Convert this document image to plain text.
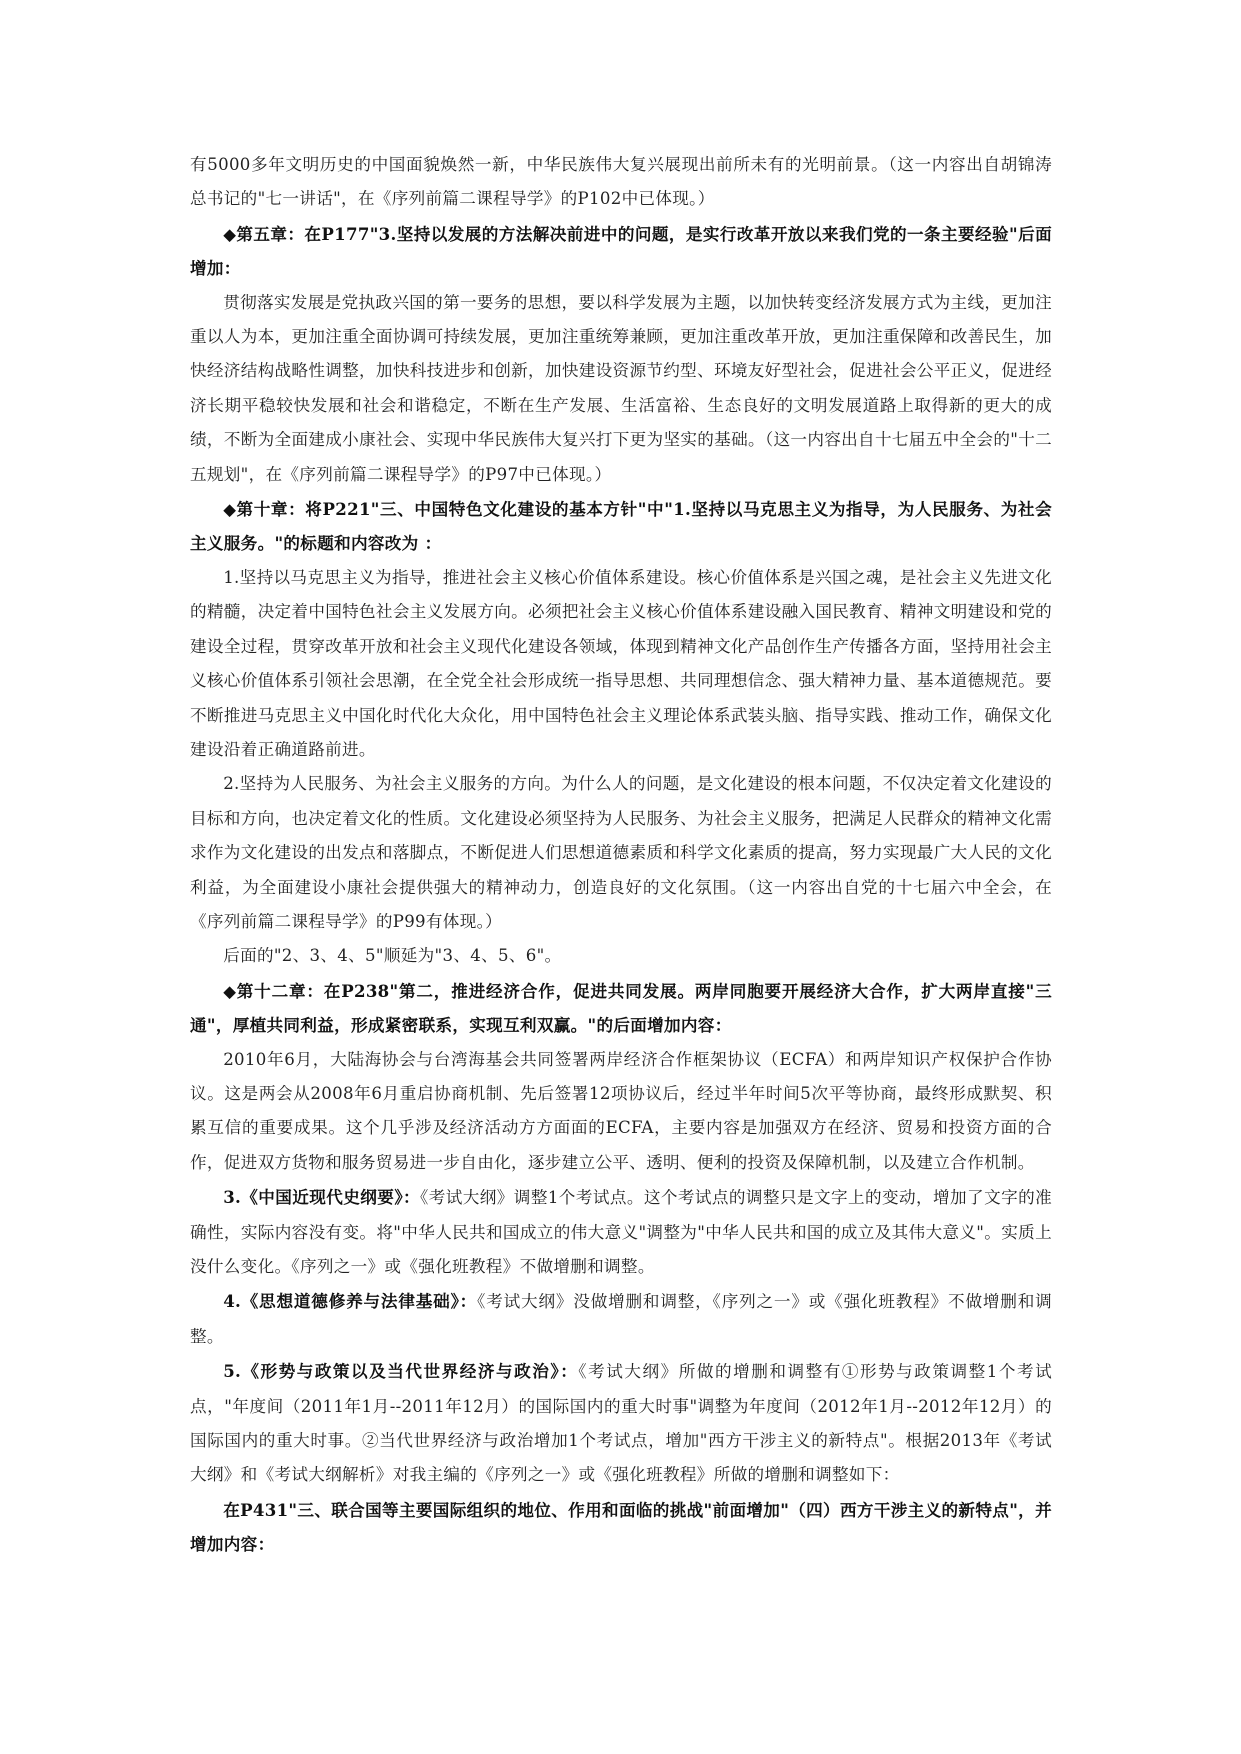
有5000多年文明历史的中国面貌焕然一新，中华民族伟大复兴展现出前所未有的光明前景。（这一内容出自胡锦涛总书记的"七一讲话"，在《序列前篇二课程导学》的P102中已体现。）

◆第五章：在P177"3.坚持以发展的方法解决前进中的问题，是实行改革开放以来我们党的一条主要经验"后面增加：

贯彻落实发展是党执政兴国的第一要务的思想，要以科学发展为主题，以加快转变经济发展方式为主线，更加注重以人为本，更加注重全面协调可持续发展，更加注重统筹兼顾，更加注重改革开放，更加注重保障和改善民生，加快经济结构战略性调整，加快科技进步和创新，加快建设资源节约型、环境友好型社会，促进社会公平正义，促进经济长期平稳较快发展和社会和谐稳定，不断在生产发展、生活富裕、生态良好的文明发展道路上取得新的更大的成绩，不断为全面建成小康社会、实现中华民族伟大复兴打下更为坚实的基础。（这一内容出自十七届五中全会的"十二五规划"，在《序列前篇二课程导学》的P97中已体现。）

◆第十章：将P221"三、中国特色文化建设的基本方针"中"1.坚持以马克思主义为指导，为人民服务、为社会主义服务。"的标题和内容改为 ：

1.坚持以马克思主义为指导，推进社会主义核心价值体系建设。核心价值体系是兴国之魂，是社会主义先进文化的精髓，决定着中国特色社会主义发展方向。必须把社会主义核心价值体系建设融入国民教育、精神文明建设和党的建设全过程，贯穿改革开放和社会主义现代化建设各领域，体现到精神文化产品创作生产传播各方面，坚持用社会主义核心价值体系引领社会思潮，在全党全社会形成统一指导思想、共同理想信念、强大精神力量、基本道德规范。要不断推进马克思主义中国化时代化大众化，用中国特色社会主义理论体系武装头脑、指导实践、推动工作，确保文化建设沿着正确道路前进。

2.坚持为人民服务、为社会主义服务的方向。为什么人的问题，是文化建设的根本问题，不仅决定着文化建设的目标和方向，也决定着文化的性质。文化建设必须坚持为人民服务、为社会主义服务，把满足人民群众的精神文化需求作为文化建设的出发点和落脚点，不断促进人们思想道德素质和科学文化素质的提高，努力实现最广大人民的文化利益，为全面建设小康社会提供强大的精神动力，创造良好的文化氛围。（这一内容出自党的十七届六中全会，在《序列前篇二课程导学》的P99有体现。）

后面的"2、3、4、5"顺延为"3、4、5、6"。

◆第十二章：在P238"第二，推进经济合作，促进共同发展。两岸同胞要开展经济大合作，扩大两岸直接"三通"，厚植共同利益，形成紧密联系，实现互利双赢。"的后面增加内容：

2010年6月，大陆海协会与台湾海基会共同签署两岸经济合作框架协议（ECFA）和两岸知识产权保护合作协议。这是两会从2008年6月重启协商机制、先后签署12项协议后，经过半年时间5次平等协商，最终形成默契、积累互信的重要成果。这个几乎涉及经济活动方方面面的ECFA，主要内容是加强双方在经济、贸易和投资方面的合作，促进双方货物和服务贸易进一步自由化，逐步建立公平、透明、便利的投资及保障机制，以及建立合作机制。

3.《中国近现代史纲要》：《考试大纲》调整1个考试点。这个考试点的调整只是文字上的变动，增加了文字的准确性，实际内容没有变。将"中华人民共和国成立的伟大意义"调整为"中华人民共和国的成立及其伟大意义"。实质上没什么变化。《序列之一》或《强化班教程》不做增删和调整。

4.《思想道德修养与法律基础》：《考试大纲》没做增删和调整，《序列之一》或《强化班教程》不做增删和调整。

5.《形势与政策以及当代世界经济与政治》：《考试大纲》所做的增删和调整有①形势与政策调整1个考试点，"年度间（2011年1月--2011年12月）的国际国内的重大时事"调整为年度间（2012年1月--2012年12月）的国际国内的重大时事。②当代世界经济与政治增加1个考试点，增加"西方干涉主义的新特点"。根据2013年《考试大纲》和《考试大纲解析》对我主编的《序列之一》或《强化班教程》所做的增删和调整如下：

在P431"三、联合国等主要国际组织的地位、作用和面临的挑战"前面增加"（四）西方干涉主义的新特点"，并增加内容：
